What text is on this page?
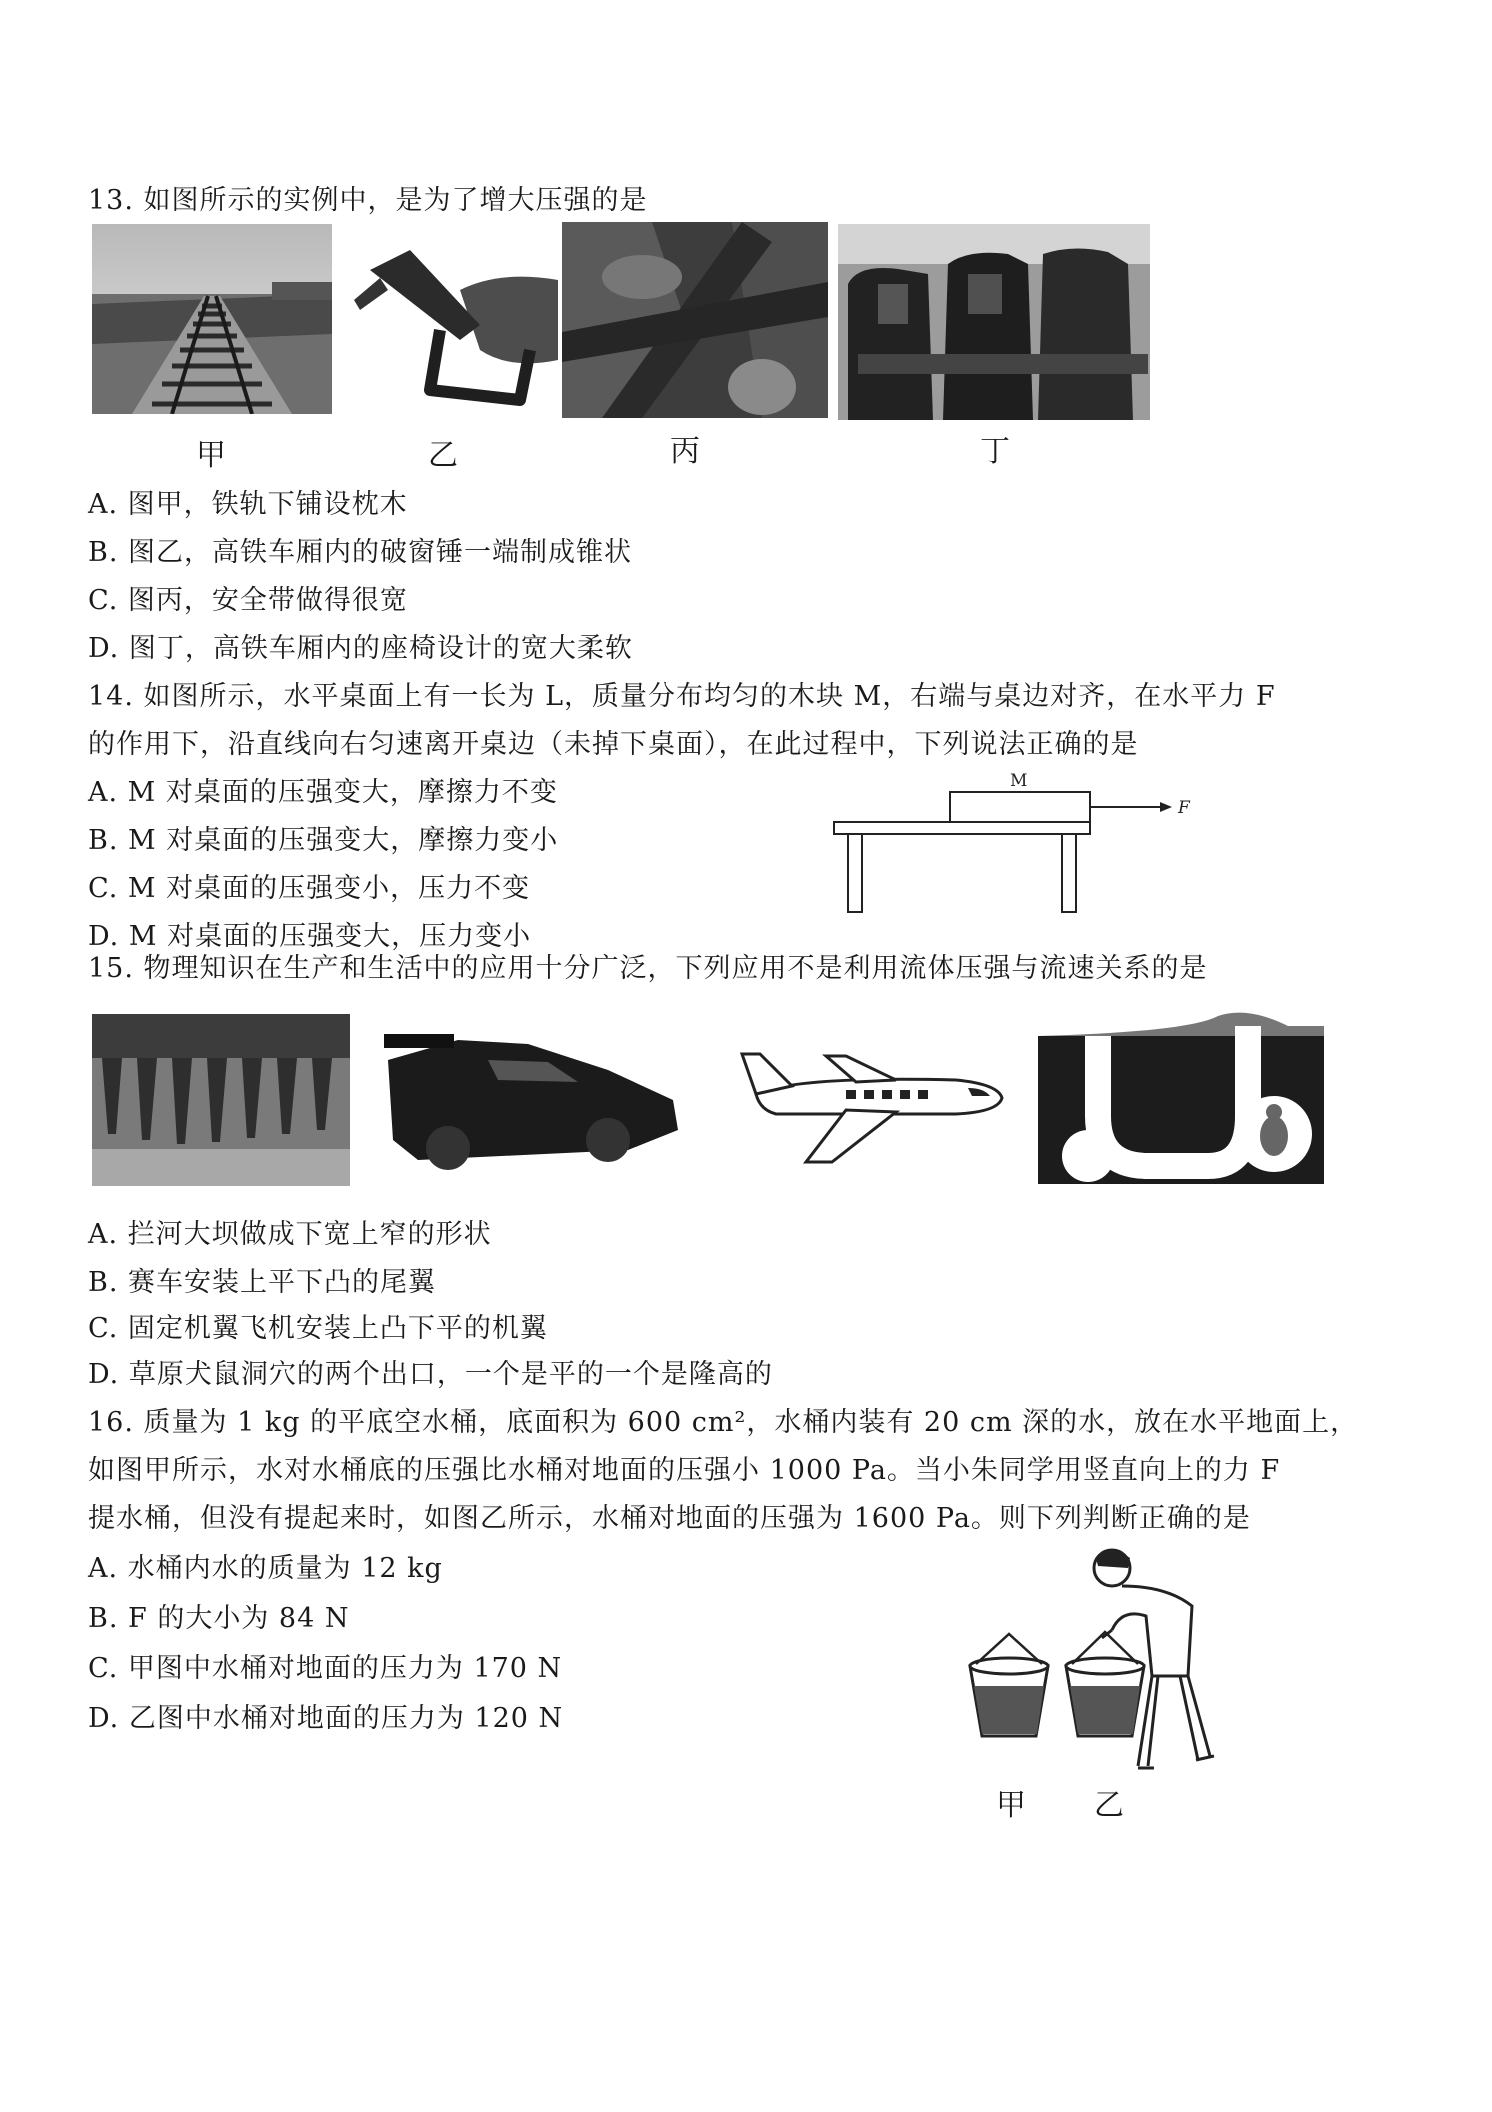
13. 如图所示的实例中，是为了增大压强的是
甲	乙	丙	丁
A. 图甲，铁轨下铺设枕木
B. 图乙，高铁车厢内的破窗锤一端制成锥状
C. 图丙，安全带做得很宽
D. 图丁，高铁车厢内的座椅设计的宽大柔软
14. 如图所示，水平桌面上有一长为 L，质量分布均匀的木块 M，右端与桌边对齐，在水平力 F
的作用下，沿直线向右匀速离开桌边（未掉下桌面），在此过程中，下列说法正确的是
A. M 对桌面的压强变大，摩擦力不变
B. M 对桌面的压强变大，摩擦力变小
C. M 对桌面的压强变小，压力不变
D. M 对桌面的压强变大，压力变小
M
F
15. 物理知识在生产和生活中的应用十分广泛，下列应用不是利用流体压强与流速关系的是
A. 拦河大坝做成下宽上窄的形状
B. 赛车安装上平下凸的尾翼
C. 固定机翼飞机安装上凸下平的机翼
D. 草原犬鼠洞穴的两个出口，一个是平的一个是隆高的
16. 质量为 1 kg 的平底空水桶，底面积为 600 cm²，水桶内装有 20 cm 深的水，放在水平地面上，
如图甲所示，水对水桶底的压强比水桶对地面的压强小 1000 Pa。当小朱同学用竖直向上的力 F
提水桶，但没有提起来时，如图乙所示，水桶对地面的压强为 1600 Pa。则下列判断正确的是
A. 水桶内水的质量为 12 kg
B. F 的大小为 84 N
C. 甲图中水桶对地面的压力为 170 N
D. 乙图中水桶对地面的压力为 120 N
甲 乙
